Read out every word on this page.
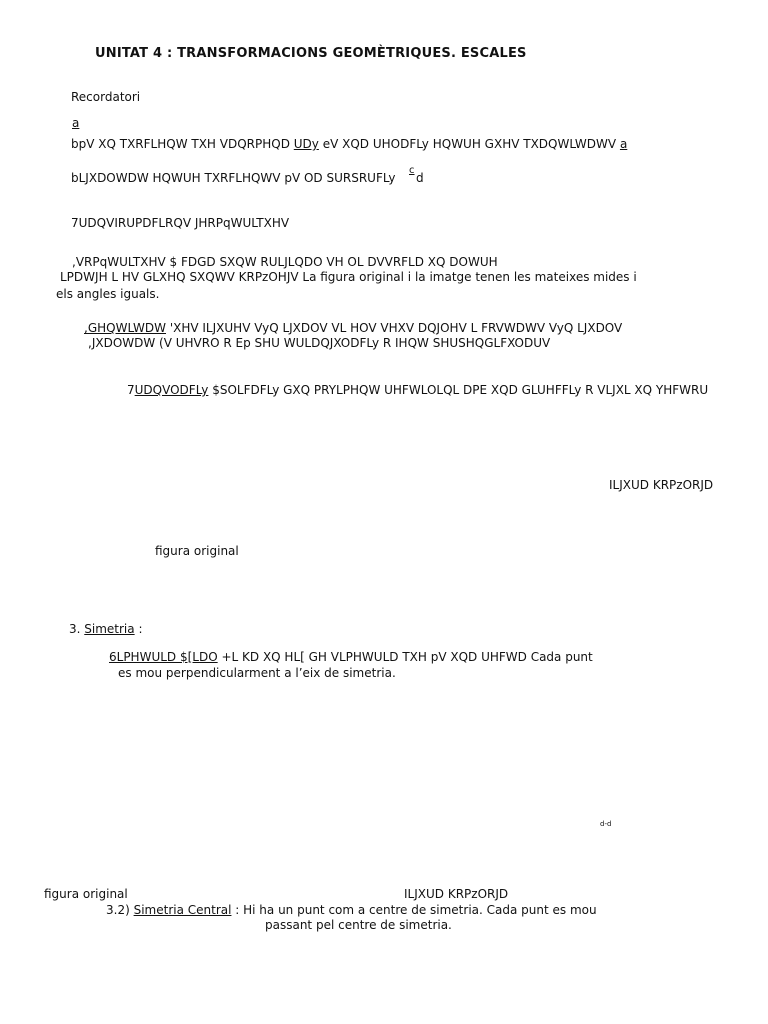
UNITAT 4 : TRANSFORMACIONS GEOMÈTRIQUES. ESCALES
Recordatori
a
bpV XQ TXRFLHQW TXH VDQRPHQD UDy eV XQD UHODFLy HQWUH GXHV TXDQWLWDWV a
bLJXDOWDW HQWUH TXRFLHQWV pV OD SURSRUFLy
c
d
7UDQVIRUPDFLRQV JHRPqWULTXHV
,VRPqWULTXHV $ FDGD SXQW RULJLQDO VH OL DVVRFLD XQ DOWUH
LPDWJH L HV GLXHQ SXQWV KRPzOHJV La figura original i la imatge tenen les mateixes mides i
els angles iguals.
,GHQWLWDW 'XHV ILJXUHV VyQ LJXDOV VL HOV VHXV DQJOHV L FRVWDWV VyQ LJXDOV
,JXDOWDW (V UHVRO R Ep SHU WULDQJXODFLy R IHQW SHUSHQGLFXODUV
7UDQVODFLy $SOLFDFLy GXQ PRYLPHQW UHFWLOLQL DPE XQD GLUHFFLy R VLJXL XQ YHFWRU
ILJXUD KRPzORJD
figura original
3. Simetria :
6LPHWULD $[LDO +L KD XQ HL[ GH VLPHWULD TXH pV XQD UHFWD Cada punt
es mou perpendicularment a l’eix de simetria.
d-d
figura original	ILJXUD KRPzORJD
3.2) Simetria Central : Hi ha un punt com a centre de simetria. Cada punt es mou
passant pel centre de simetria.
